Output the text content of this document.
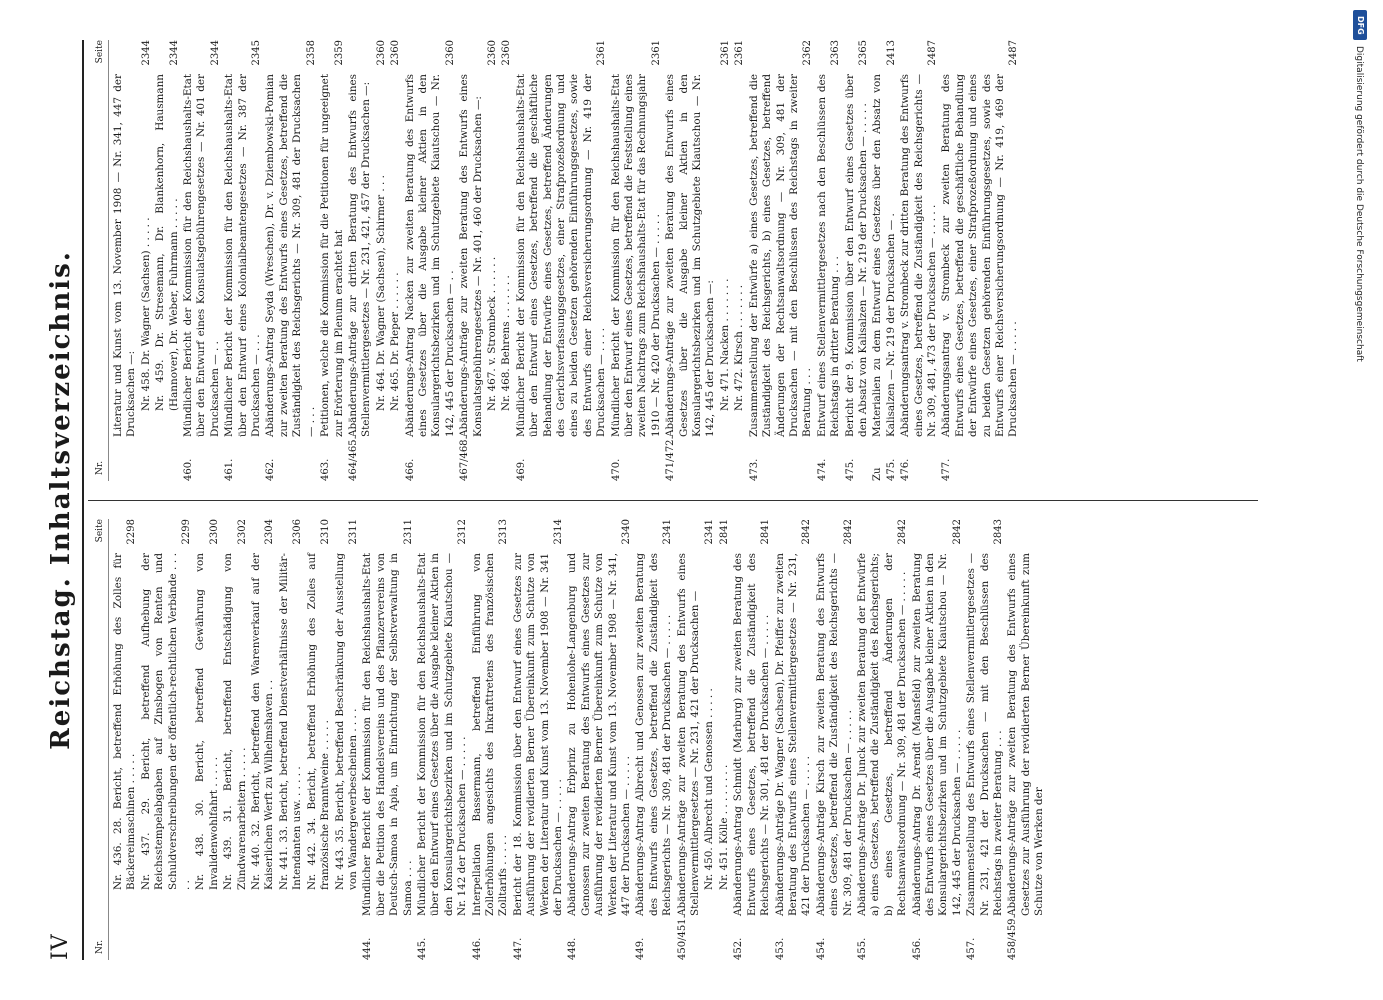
IV
Reichstag. Inhaltsverzeichnis.
Nr.
Seite
Nr. 436. 28. Bericht, betreffend Erhöhung des Zolles für Bäckereimaschinen . . . . .
2298
Nr. 437. 29. Bericht, betreffend Aufhebung der Reichsstempelabgaben auf Zinsbogen von Renten und Schuldverschreibungen der öffentlich-rechtlichen Verbände . . . . .
2299
Nr. 438. 30. Bericht, betreffend Gewährung von Invalidenwohlfahrt . . . . .
2300
Nr. 439. 31. Bericht, betreffend Entschädigung von Zündwarenarbeitern . . . . .
2302
Nr. 440. 32. Bericht, betreffend den Warenverkauf auf der Kaiserlichen Werft zu Wilhelmshaven . .
2304
Nr. 441. 33. Bericht, betreffend Dienstverhältnisse der Militär-Intendanten usw. . . . . .
2306
Nr. 442. 34. Bericht, betreffend Erhöhung des Zolles auf französische Branntweine . . . . .
2310
Nr. 443. 35. Bericht, betreffend Beschränkung der Ausstellung von Wandergewerbescheinen . . . .
2311
444.
Mündlicher Bericht der Kommission für den Reichshaushalts-Etat über die Petition des Handelsvereins und des Pflanzervereins von Deutsch-Samoa in Apia, um Einrichtung der Selbstverwaltung in Samoa . . .
2311
445.
Mündlicher Bericht der Kommission für den Reichshaushalts-Etat über den Entwurf eines Gesetzes über die Ausgabe kleiner Aktien in den Konsulargerichtsbezirken und im Schutzgebiete Kiautschou — Nr. 142 der Drucksachen — . . . . .
2312
446.
Interpellation Bassermann, betreffend Einführung von Zollerhöhungen angesichts des Inkrafttretens des französischen Zolltarifs . . . . .
2313
447.
Bericht der 18. Kommission über den Entwurf eines Gesetzes zur Ausführung der revidierten Berner Übereinkunft zum Schutze von Werken der Literatur und Kunst vom 13. November 1908 — Nr. 341 der Drucksachen — . . . . .
2314
448.
Abänderungs-Antrag Erbprinz zu Hohenlohe-Langenburg und Genossen zur zweiten Beratung des Entwurfs eines Gesetzes zur Ausführung der revidierten Berner Übereinkunft zum Schutze von Werken der Literatur und Kunst vom 13. November 1908 — Nr. 341, 447 der Drucksachen — . . . . .
2340
449.
Abänderungs-Antrag Albrecht und Genossen zur zweiten Beratung des Entwurfs eines Gesetzes, betreffend die Zuständigkeit des Reichsgerichts — Nr. 309, 481 der Drucksachen — . . . . .
2341
450/451.
Abänderungs-Anträge zur zweiten Beratung des Entwurfs eines Stellenvermittlergesetzes — Nr. 231, 421 der Drucksachen — Nr. 450. Albrecht und Genossen . . . . .
2341
Nr. 451. Kölle . . . . . . . .
2841
452.
Abänderungs-Antrag Schmidt (Marburg) zur zweiten Beratung des Entwurfs eines Gesetzes, betreffend die Zuständigkeit des Reichsgerichts — Nr. 301, 481 der Drucksachen — . . . . .
2841
453.
Abänderungs-Anträge Dr. Wagner (Sachsen), Dr. Pfeiffer zur zweiten Beratung des Entwurfs eines Stellenvermittlergesetzes — Nr. 231, 421 der Drucksachen — . . . . .
2842
454.
Abänderungs-Anträge Kirsch zur zweiten Beratung des Entwurfs eines Gesetzes, betreffend die Zuständigkeit des Reichsgerichts — Nr. 309, 481 der Drucksachen — . . . . .
2842
455.
Abänderungs-Anträge Dr. Junck zur zweiten Beratung der Entwürfe a) eines Gesetzes, betreffend die Zuständigkeit des Reichsgerichts; b) eines Gesetzes, betreffend Änderungen der Rechtsanwaltsordnung — Nr. 309, 481 der Drucksachen — . . . . .
2842
456.
Abänderungs-Antrag Dr. Arendt (Mansfeld) zur zweiten Beratung des Entwurfs eines Gesetzes über die Ausgabe kleiner Aktien in den Konsulargerichtsbezirken und im Schutzgebiete Kiautschou — Nr. 142, 445 der Drucksachen — . . . . .
2842
457.
Zusammenstellung des Entwurfs eines Stellenvermittlergesetzes — Nr. 231, 421 der Drucksachen — mit den Beschlüssen des Reichstags in zweiter Beratung . . .
2843
458/459.
Abänderungs-Anträge zur zweiten Beratung des Entwurfs eines Gesetzes zur Ausführung der revidierten Berner Übereinkunft zum Schutze von Werken der
Nr.
Seite
Literatur und Kunst vom 13. November 1908 — Nr. 341, 447 der Drucksachen —: Nr. 458. Dr. Wagner (Sachsen) . . . . .
2344
Nr. 459. Dr. Stresemann, Dr. Blankenhorn, Hausmann (Hannover), Dr. Weber, Fuhrmann . . . . .
2344
460.
Mündlicher Bericht der Kommission für den Reichshaushalts-Etat über den Entwurf eines Konsulatsgebührengesetzes — Nr. 401 der Drucksachen — . .
2344
461.
Mündlicher Bericht der Kommission für den Reichshaushalts-Etat über den Entwurf eines Kolonialbeamtengesetzes — Nr. 387 der Drucksachen — . . .
2345
462.
Abänderungs-Antrag Seyda (Wreschen), Dr. v. Dziembowski-Pomian zur zweiten Beratung des Entwurfs eines Gesetzes, betreffend die Zuständigkeit des Reichsgerichts — Nr. 309, 481 der Drucksachen — . . .
2358
463.
Petitionen, welche die Kommission für die Petitionen für ungeeignet zur Erörterung im Plenum erachtet hat
2359
464/465.
Abänderungs-Anträge zur dritten Beratung des Entwurfs eines Stellenvermittlergesetzes — Nr. 231, 421, 457 der Drucksachen —: Nr. 464. Dr. Wagner (Sachsen), Schirmer . . .
2360
Nr. 465. Dr. Pieper . . . . . .
2360
466.
Abänderungs-Antrag Nacken zur zweiten Beratung des Entwurfs eines Gesetzes über die Ausgabe kleiner Aktien in den Konsulargerichtsbezirken und im Schutzgebiete Kiautschou — Nr. 142, 445 der Drucksachen — . .
2360
467/468.
Abänderungs-Anträge zur zweiten Beratung des Entwurfs eines Konsulatsgebührengesetzes — Nr. 401, 460 der Drucksachen —: Nr. 467. v. Strombeck . . . . . .
2360
Nr. 468. Behrens . . . . . . .
2360
469.
Mündlicher Bericht der Kommission für den Reichshaushalts-Etat über den Entwurf eines Gesetzes, betreffend die geschäftliche Behandlung der Entwürfe eines Gesetzes, betreffend Änderungen des Gerichtsverfassungsgesetzes, einer Strafprozeßordnung und eines zu beiden Gesetzen gehörenden Einführungsgesetzes, sowie des Entwurfs einer Reichsversicherungsordnung — Nr. 419 der Drucksachen — . . . .
2361
470.
Mündlicher Bericht der Kommission für den Reichshaushalts-Etat über den Entwurf eines Gesetzes, betreffend die Feststellung eines zweiten Nachtrags zum Reichshaushalts-Etat für das Rechnungsjahr 1910 — Nr. 420 der Drucksachen — . . . . .
2361
471/472.
Abänderungs-Anträge zur zweiten Beratung des Entwurfs eines Gesetzes über die Ausgabe kleiner Aktien in den Konsulargerichtsbezirken und im Schutzgebiete Kiautschou — Nr. 142, 445 der Drucksachen —: Nr. 471. Nacken . . . . . . .
2361
Nr. 472. Kirsch . . . . . . .
2361
473.
Zusammenstellung der Entwürfe a) eines Gesetzes, betreffend die Zuständigkeit des Reichsgerichts, b) eines Gesetzes, betreffend Änderungen der Rechtsanwaltsordnung — Nr. 309, 481 der Drucksachen — mit den Beschlüssen des Reichstags in zweiter Beratung . . .
2362
474.
Entwurf eines Stellenvermittlergesetzes nach den Beschlüssen des Reichstags in dritter Beratung . . .
2363
475.
Bericht der 9. Kommission über den Entwurf eines Gesetzes über den Absatz von Kalisalzen — Nr. 219 der Drucksachen — . . . . .
2365
Zu 475.
Materialien zu dem Entwurf eines Gesetzes über den Absatz von Kalisalzen — Nr. 219 der Drucksachen — .
2413
476.
Abänderungsantrag v. Strombeck zur dritten Beratung des Entwurfs eines Gesetzes, betreffend die Zuständigkeit des Reichsgerichts — Nr. 309, 481, 473 der Drucksachen — . . . . .
2487
477.
Abänderungsantrag v. Strombeck zur zweiten Beratung des Entwurfs eines Gesetzes, betreffend die geschäftliche Behandlung der Entwürfe eines Gesetzes, einer Strafprozeßordnung und eines zu beiden Gesetzen gehörenden Einführungsgesetzes, sowie des Entwurfs einer Reichsversicherungsordnung — Nr. 419, 469 der Drucksachen — . . . . .
2487
DFG
Digitalisierung gefördert durch die Deutsche Forschungsgemeinschaft
